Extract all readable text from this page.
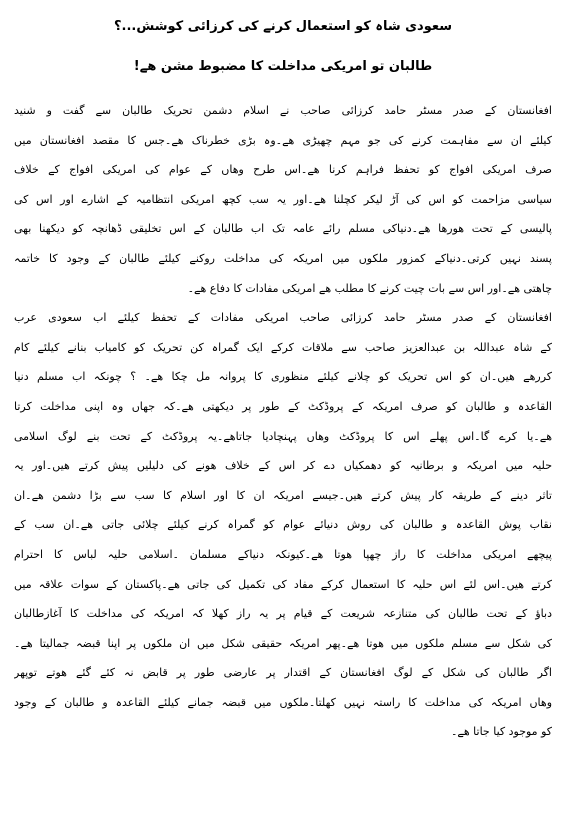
سعودی شاہ کو استعمال کرنے کی کرزائی کوشش...؟
طالبان تو امریکی مداخلت کا مضبوط مشن ھے!
افغانستان کے صدر مسٹر حامد کرزائی صاحب نے اسلام دشمن تحریک طالبان سے گفت و شنید
کیلئے ان سے مفاہمت کرنے کی جو مہم چھیڑی ھے۔وہ بڑی خطرناک ھے۔جس کا مقصد افغانستان میں
صرف امریکی افواج کو تحفظ فراہم کرنا ھے۔اس طرح وھاں کے عوام کی امریکی افواج کے خلاف
سیاسی مزاحمت کو اس کی آڑ لیکر کچلنا ھے۔اور یہ سب کچھ امریکی انتظامیہ کے اشارے اور اس کی
پالیسی کے تحت ھورھا ھے۔دنیاکی مسلم رائے عامہ تک اب طالبان کے اس تخلیقی ڈھانچہ کو دیکھنا بھی
پسند نہیں کرتی۔دنیاکے کمزور ملکوں میں امریکہ کی مداخلت روکنے کیلئے طالبان کے وجود کا خاتمہ
چاھتی ھے۔اور اس سے بات چیت کرنے کا مطلب ھے امریکی مفادات کا دفاع ھے۔
افغانستان کے صدر مسٹر حامد کرزائی صاحب امریکی مفادات کے تحفظ کیلئے اب سعودی عرب
کے شاہ عبداللہ بن عبدالعزیز صاحب سے ملاقات کرکے ایک گمراہ کن تحریک کو کامیاب بنانے کیلئے کام
کررھے ھیں۔ان کو اس تحریک کو چلانے کیلئے منظوری کا پروانہ مل چکا ھے۔ ؟ چونکہ اب مسلم دنیا
القاعدہ و طالبان کو صرف امریکہ کے پروڈکٹ کے طور پر دیکھتی ھے۔کہ جھاں وہ اپنی مداخلت کرتا
ھے۔یا کرے گا۔اس پھلے اس کا پروڈکٹ وھاں پہنچادیا جاتاھے۔یہ پروڈکٹ کے تحت بنے لوگ اسلامی
حلیہ میں امریکہ و برطانیہ کو دھمکیاں دے کر اس کے خلاف ھونے کی دلیلیں پیش کرتے ھیں۔اور یہ
تاثر دینے کے طریقہ کار پیش کرتے ھیں۔جیسے امریکہ ان کا اور اسلام کا سب سے بڑا دشمن ھے۔ان
نقاب پوش القاعدہ و طالبان کی روش دنیائے عوام کو گمراہ کرنے کیلئے چلائی جاتی ھے۔ان سب کے
پیچھے امریکی مداخلت کا راز چھپا ھوتا ھے۔کیونکہ دنیاکے مسلمان ۔اسلامی حلیہ لباس کا احترام
کرتے ھیں۔اس لئے اس حلیہ کا استعمال کرکے مفاد کی تکمیل کی جاتی ھے۔پاکستان کے سوات علاقہ میں
دباؤ کے تحت طالبان کی متنازعہ شریعت کے قیام پر یہ راز کھلا کہ امریکہ کی مداخلت کا آغازطالبان
کی شکل سے مسلم ملکوں میں ھوتا ھے۔پھر امریکہ حقیقی شکل میں ان ملکوں پر اپنا قبضہ جمالیتا ھے۔
اگر طالبان کی شکل کے لوگ افغانستان کے اقتدار پر عارضی طور پر قابض نہ کئے گئے ھوتے توپھر
وھاں امریکہ کی مداخلت کا راستہ نہیں کھلتا۔ملکوں میں قبضہ جمانے کیلئے القاعدہ و طالبان کے وجود
کو موجود کیا جاتا ھے۔
